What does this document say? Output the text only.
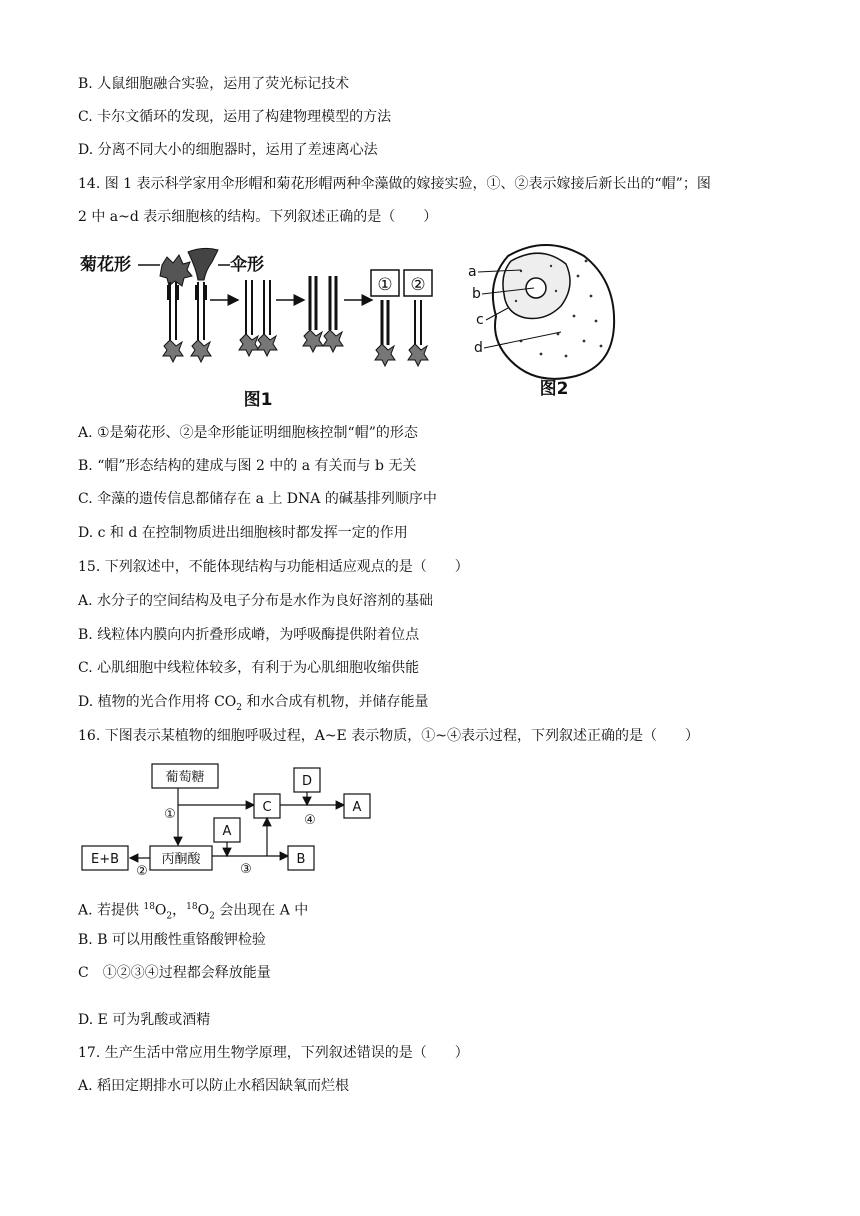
B. 人鼠细胞融合实验，运用了荧光标记技术
C. 卡尔文循环的发现，运用了构建物理模型的方法
D. 分离不同大小的细胞器时，运用了差速离心法
14. 图 1 表示科学家用伞形帽和菊花形帽两种伞藻做的嫁接实验，①、②表示嫁接后新长出的“帽”；图
2 中 a~d 表示细胞核的结构。下列叙述正确的是（　　）
菊花形	伞形
① ②
图1
a
b
c
d
图2
A. ①是菊花形、②是伞形能证明细胞核控制“帽”的形态
B. “帽”形态结构的建成与图 2 中的 a 有关而与 b 无关
C. 伞藻的遗传信息都储存在 a 上 DNA 的碱基排列顺序中
D. c 和 d 在控制物质进出细胞核时都发挥一定的作用
15. 下列叙述中，不能体现结构与功能相适应观点的是（　　）
A. 水分子的空间结构及电子分布是水作为良好溶剂的基础
B. 线粒体内膜向内折叠形成嵴，为呼吸酶提供附着位点
C. 心肌细胞中线粒体较多，有利于为心肌细胞收缩供能
D. 植物的光合作用将 $CO_2$ 和水合成有机物，并储存能量
16. 下图表示某植物的细胞呼吸过程，A~E 表示物质，①~④表示过程，下列叙述正确的是（　　）
葡萄糖
①	C
D
④
A
A
丙酮酸
②
E+B
③
B
A. 若提供 $^{18}O_2$，$^{18}O_2$ 会出现在 A 中
B. B 可以用酸性重铬酸钾检验
C　①②③④过程都会释放能量
D. E 可为乳酸或酒精
17. 生产生活中常应用生物学原理，下列叙述错误的是（　　）
A. 稻田定期排水可以防止水稻因缺氧而烂根
